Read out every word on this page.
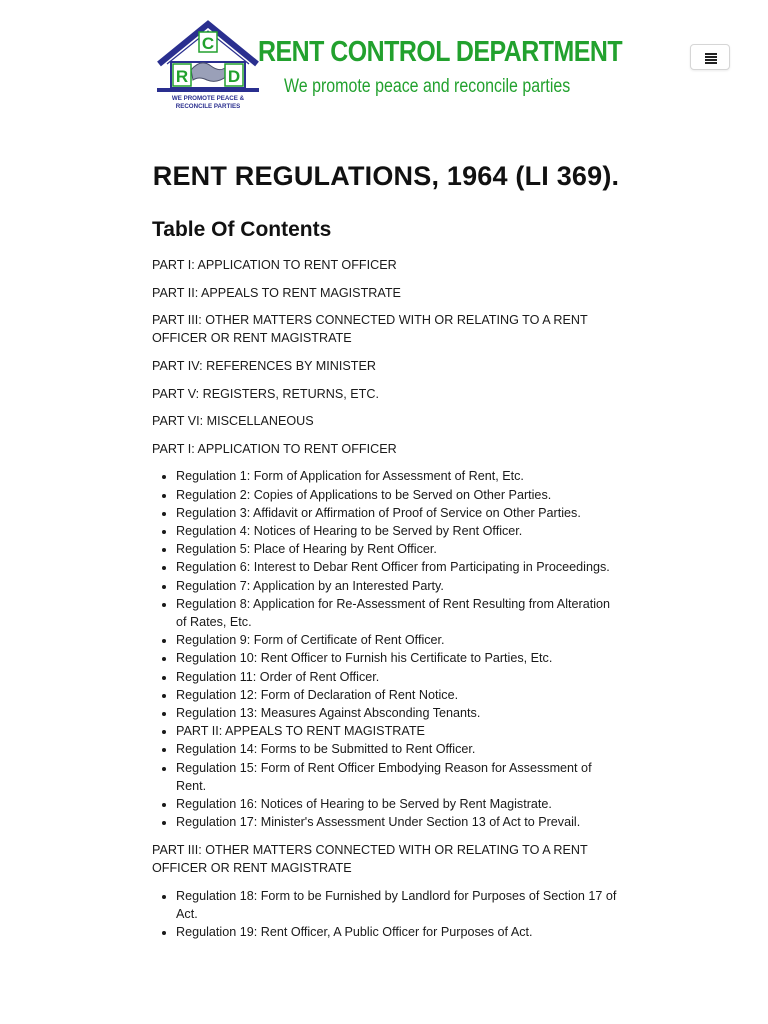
C
R D
WE PROMOTE PEACE &
RECONCILE PARTIES
RENT CONTROL DEPARTMENT
We promote peace and reconcile parties
RENT REGULATIONS, 1964 (LI 369).
Table Of Contents

PART I: APPLICATION TO RENT OFFICER

PART II: APPEALS TO RENT MAGISTRATE

PART III: OTHER MATTERS CONNECTED WITH OR RELATING TO A RENT OFFICER OR RENT MAGISTRATE

PART IV: REFERENCES BY MINISTER

PART V: REGISTERS, RETURNS, ETC.

PART VI: MISCELLANEOUS

PART I: APPLICATION TO RENT OFFICER

• Regulation 1: Form of Application for Assessment of Rent, Etc.
• Regulation 2: Copies of Applications to be Served on Other Parties.
• Regulation 3: Affidavit or Affirmation of Proof of Service on Other Parties.
• Regulation 4: Notices of Hearing to be Served by Rent Officer.
• Regulation 5: Place of Hearing by Rent Officer.
• Regulation 6: Interest to Debar Rent Officer from Participating in Proceedings.
• Regulation 7: Application by an Interested Party.
• Regulation 8: Application for Re-Assessment of Rent Resulting from Alteration of Rates, Etc.
• Regulation 9: Form of Certificate of Rent Officer.
• Regulation 10: Rent Officer to Furnish his Certificate to Parties, Etc.
• Regulation 11: Order of Rent Officer.
• Regulation 12: Form of Declaration of Rent Notice.
• Regulation 13: Measures Against Absconding Tenants.
• PART II: APPEALS TO RENT MAGISTRATE
• Regulation 14: Forms to be Submitted to Rent Officer.
• Regulation 15: Form of Rent Officer Embodying Reason for Assessment of Rent.
• Regulation 16: Notices of Hearing to be Served by Rent Magistrate.
• Regulation 17: Minister's Assessment Under Section 13 of Act to Prevail.

PART III: OTHER MATTERS CONNECTED WITH OR RELATING TO A RENT OFFICER OR RENT MAGISTRATE

• Regulation 18: Form to be Furnished by Landlord for Purposes of Section 17 of Act.
• Regulation 19: Rent Officer, A Public Officer for Purposes of Act.
